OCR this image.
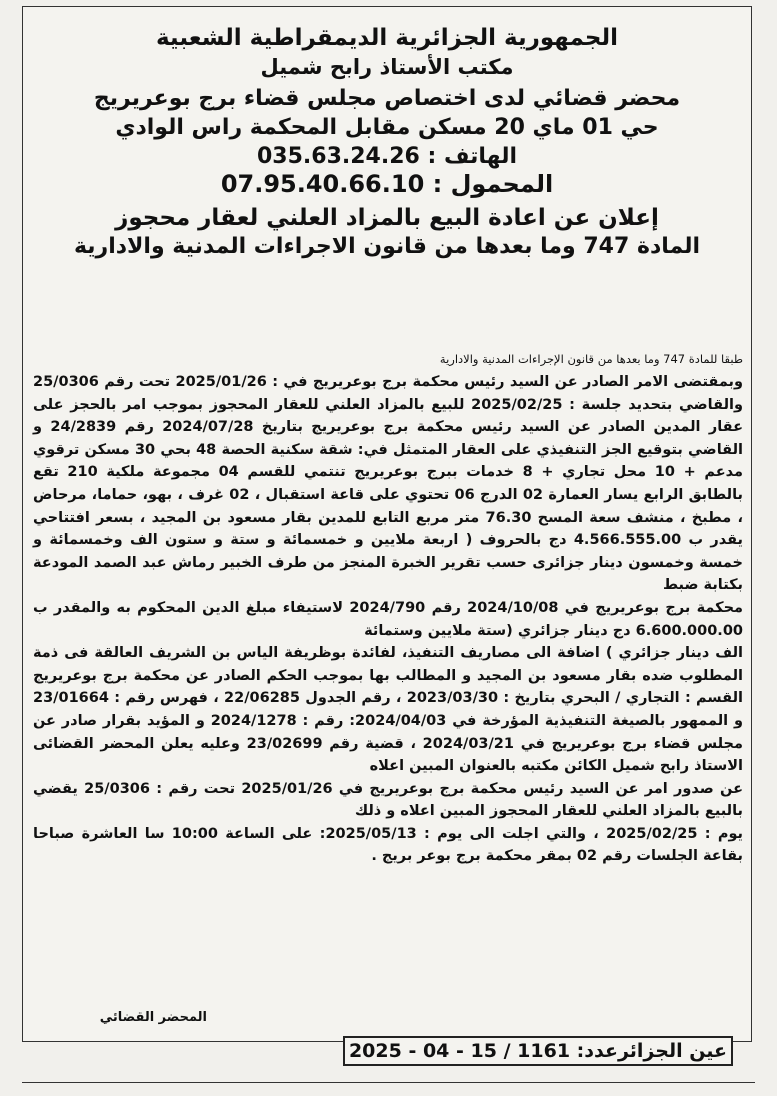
الجمهورية الجزائرية الديمقراطية الشعبية
مكتب الأستاذ رابح شميل
محضر قضائي لدى اختصاص مجلس قضاء برج بوعريريج
حي 01 ماي 20 مسكن مقابل المحكمة راس الوادي
الهاتف : 035.63.24.26
المحمول : 07.95.40.66.10
إعلان عن اعادة البيع بالمزاد العلني لعقار محجوز
المادة 747 وما بعدها من قانون الاجراءات المدنية والادارية

طبقا للمادة 747 وما بعدها من قانون الإجراءات المدنية والادارية

وبمقتضى الامر الصادر عن السيد رئيس محكمة برج بوعريريج في : 2025/01/26 تحت رقم 25/0306 والقاضي بتحديد جلسة : 2025/02/25 للبيع بالمزاد العلني للعقار المحجوز بموجب امر بالحجز على عقار المدين الصادر عن السيد رئيس محكمة برج بوعريريج بتاريخ 2024/07/28 رقم 24/2839 و القاضي بتوقيع الجز التنفيذي على العقار المتمثل في: شقة سكنية الحصة 48 بحي 30 مسكن ترقوي مدعم + 10 محل تجاري + 8 خدمات ببرج بوعريريج تنتمي للقسم 04 مجموعة ملكية 210 تقع بالطابق الرابع يسار العمارة 02 الدرج 06 تحتوي على قاعة استقبال ، 02 غرف ، بهو، حماما، مرحاض ، مطبخ ، منشف سعة المسح 76.30 متر مربع التابع للمدين بقار مسعود بن المجيد ، بسعر افتتاحي يقدر ب 4.566.555.00 دج بالحروف ( اربعة ملايين و خمسمائة و ستة و ستون الف وخمسمائة و خمسة وخمسون دينار جزائرى حسب تقرير الخبرة المنجز من طرف الخبير رماش عبد الصمد المودعة بكتابة ضبط

محكمة برج بوعريريج في 2024/10/08 رقم 2024/790 لاستيفاء مبلغ الدين المحكوم به والمقدر ب 6.600.000.00 دج دينار جزائري (ستة ملايين وستمائة

الف دينار جزائري ) اضافة الى مصاريف التنفيذ، لفائدة بوظريفة الياس بن الشريف العالقة فى ذمة المطلوب ضده بقار مسعود بن المجيد و المطالب بها بموجب الحكم الصادر عن محكمة برج بوعريريج القسم : التجاري / البحري بتاريخ : 2023/03/30 ، رقم الجدول 22/06285 ، فهرس رقم : 23/01664 و الممهور بالصيغة التنفيذية المؤرخة في 2024/04/03: رقم : 2024/1278 و المؤيد بقرار صادر عن مجلس قضاء برج بوعريريج في 2024/03/21 ، قضية رقم 23/02699 وعليه يعلن المحضر القضائى الاستاذ رابح شميل الكائن مكتبه بالعنوان المبين اعلاه

عن صدور امر عن السيد رئيس محكمة برج بوعريريج في 2025/01/26 تحت رقم : 25/0306 يقضي بالبيع بالمزاد العلني للعقار المحجوز المبين اعلاه و ذلك

يوم : 2025/02/25 ، والتي اجلت الى يوم : 2025/05/13: على الساعة 10:00 سا العاشرة صباحا بقاعة الجلسات رقم 02 بمقر محكمة برج بوعر بريج .

المحضر القضائي
عين الجزائرعدد: 1161 / 15 - 04 - 2025
